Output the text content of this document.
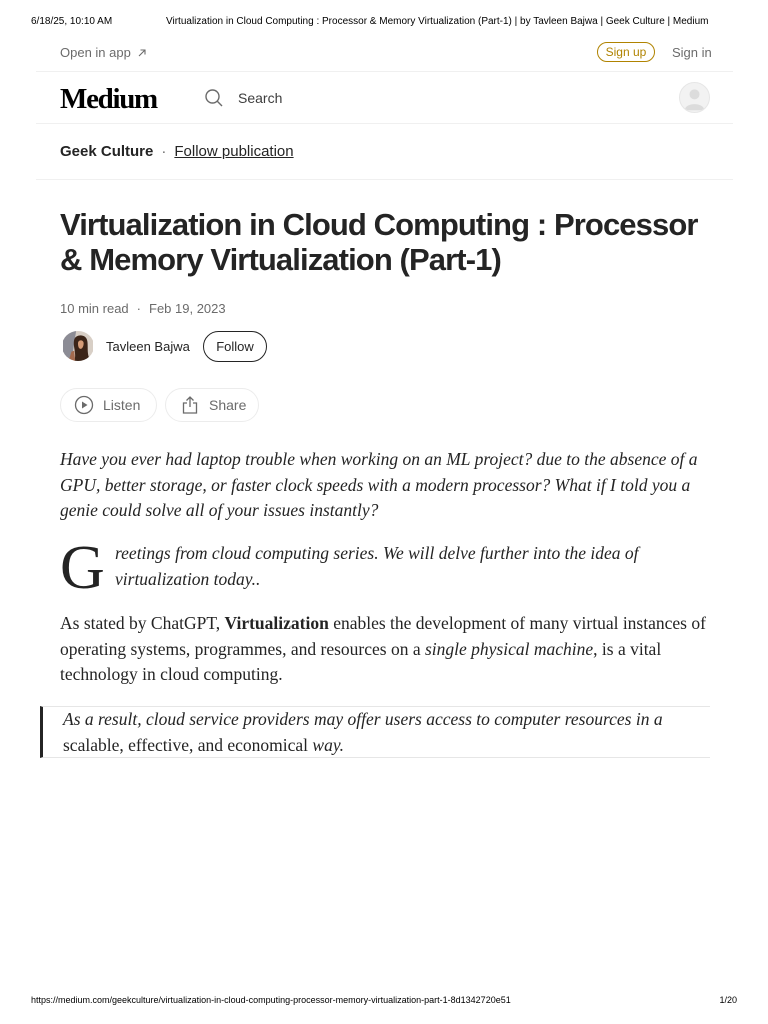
6/18/25, 10:10 AM	Virtualization in Cloud Computing : Processor & Memory Virtualization (Part-1) | by Tavleen Bajwa | Geek Culture | Medium
Open in app	Sign up	Sign in
Medium
Search
Geek Culture · Follow publication
Virtualization in Cloud Computing : Processor & Memory Virtualization (Part-1)
10 min read · Feb 19, 2023
Tavleen Bajwa	Follow
Listen	Share

Have you ever had laptop trouble when working on an ML project? due to the absence of a GPU, better storage, or faster clock speeds with a modern processor? What if I told you a genie could solve all of your issues instantly?

G reetings from cloud computing series. We will delve further into the idea of virtualization today..

As stated by ChatGPT, Virtualization enables the development of many virtual instances of operating systems, programmes, and resources on a single physical machine, is a vital technology in cloud computing.

As a result, cloud service providers may offer users access to computer resources in a scalable, effective, and economical way.

https://medium.com/geekculture/virtualization-in-cloud-computing-processor-memory-virtualization-part-1-8d1342720e51	1/20
